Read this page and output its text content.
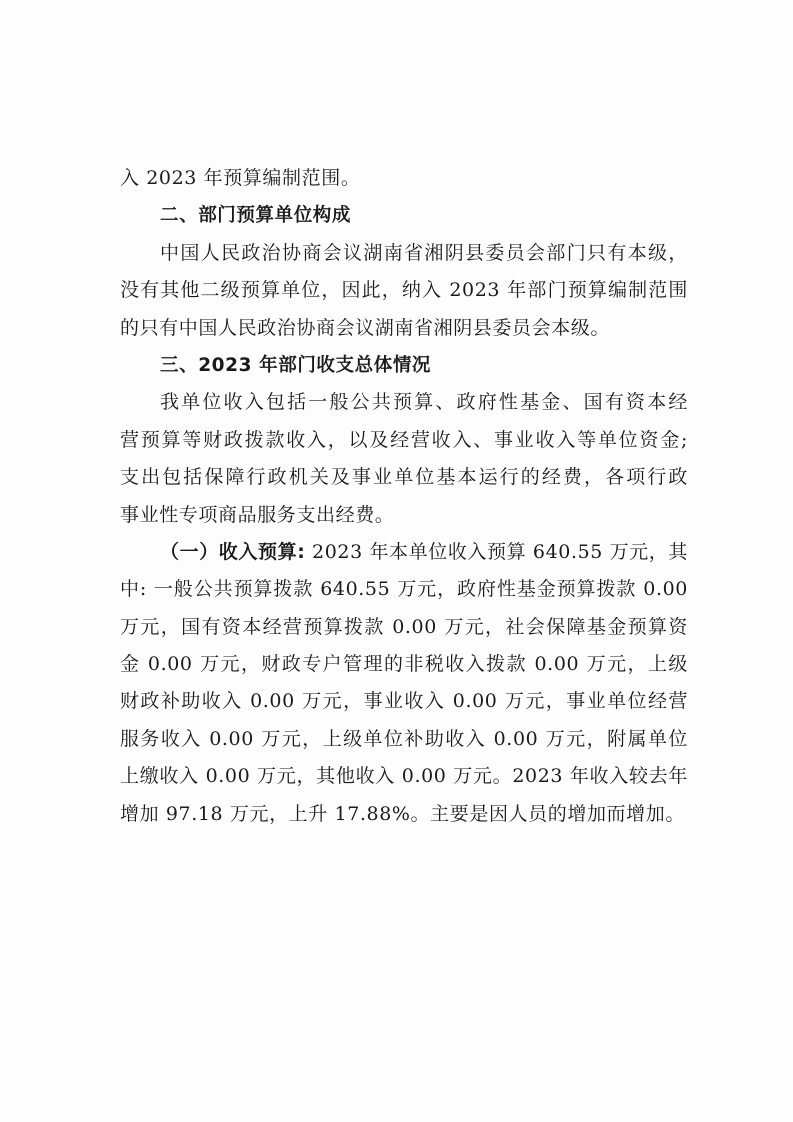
入 2023 年预算编制范围。
二、部门预算单位构成
中国人民政治协商会议湖南省湘阴县委员会部门只有本级，
没有其他二级预算单位，因此，纳入 2023 年部门预算编制范围
的只有中国人民政治协商会议湖南省湘阴县委员会本级。
三、2023 年部门收支总体情况
我单位收入包括一般公共预算、政府性基金、国有资本经
营预算等财政拨款收入，以及经营收入、事业收入等单位资金;
支出包括保障行政机关及事业单位基本运行的经费，各项行政
事业性专项商品服务支出经费。
（一）收入预算: 2023 年本单位收入预算 640.55 万元，其
中: 一般公共预算拨款 640.55 万元，政府性基金预算拨款 0.00
万元，国有资本经营预算拨款 0.00 万元，社会保障基金预算资
金 0.00 万元，财政专户管理的非税收入拨款 0.00 万元，上级
财政补助收入 0.00 万元，事业收入 0.00 万元，事业单位经营
服务收入 0.00 万元，上级单位补助收入 0.00 万元，附属单位
上缴收入 0.00 万元，其他收入 0.00 万元。2023 年收入较去年
增加 97.18 万元，上升 17.88%。主要是因人员的增加而增加。
